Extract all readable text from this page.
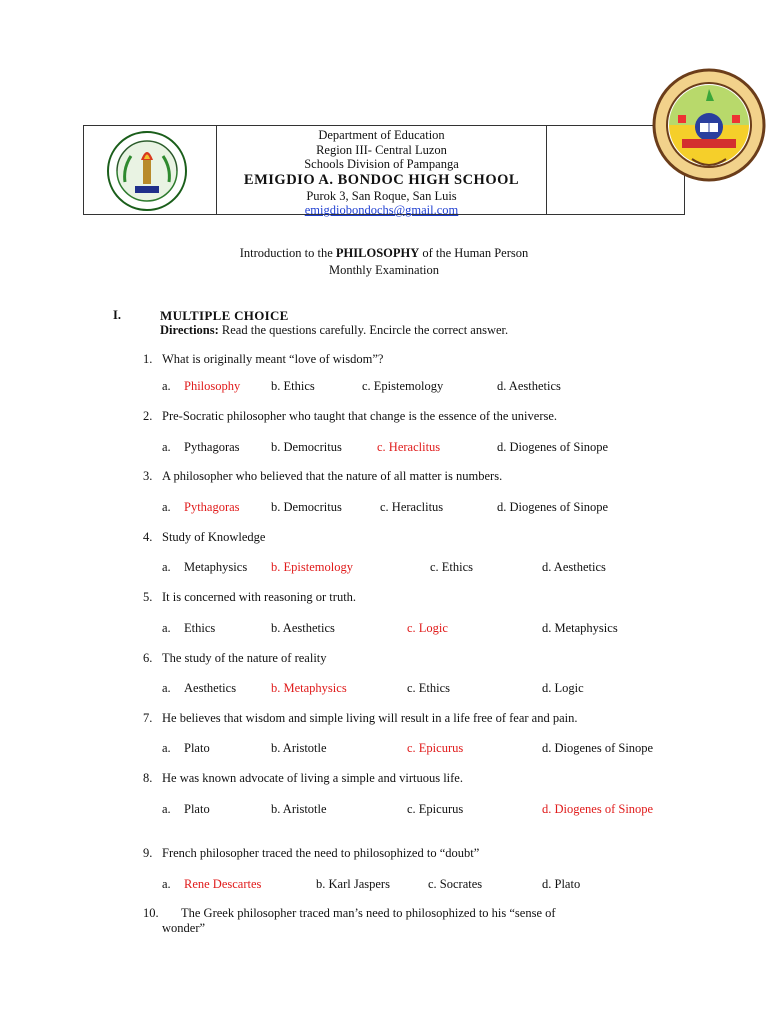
Department of Education
Region III- Central Luzon
Schools Division of Pampanga
EMIGDIO A. BONDOC HIGH SCHOOL
Purok 3, San Roque, San Luis
emigdiobondochs@gmail.com
Introduction to the PHILOSOPHY of the Human Person
Monthly Examination
I.	MULTIPLE CHOICE
Directions: Read the questions carefully. Encircle the correct answer.
1. What is originally meant “love of wisdom”?
a. Philosophy b. Ethics	c. Epistemology	d. Aesthetics
2. Pre-Socratic philosopher who taught that change is the essence of the universe.
a. Pythagoras	b. Democritus	c. Heraclitus	d. Diogenes of Sinope
3. A philosopher who believed that the nature of all matter is numbers.
a. Pythagoras	b. Democritus	c. Heraclitus	d. Diogenes of Sinope
4. Study of Knowledge
a. Metaphysics b. Epistemology	c. Ethics	d. Aesthetics
5. It is concerned with reasoning or truth.
a. Ethics	b. Aesthetics	c. Logic	d. Metaphysics
6. The study of the nature of reality
a. Aesthetics	b. Metaphysics	c. Ethics	d. Logic
7. He believes that wisdom and simple living will result in a life free of fear and pain.
a. Plato	b. Aristotle	c. Epicurus	d. Diogenes of Sinope
8. He was known advocate of living a simple and virtuous life.
a. Plato	b. Aristotle	c. Epicurus	d. Diogenes of Sinope
9. French philosopher traced the need to philosophized to “doubt”
a. Rene Descartes	b. Karl Jaspers	c. Socrates	d. Plato
10. The Greek philosopher traced man’s need to philosophized to his “sense of
wonder”
